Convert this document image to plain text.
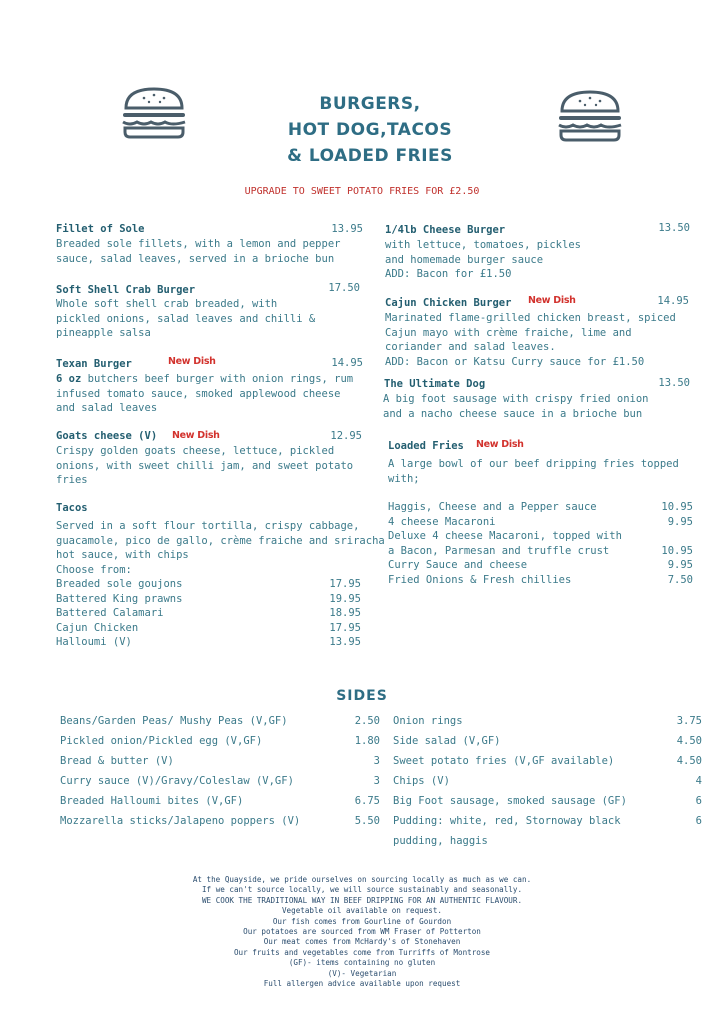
BURGERS,
HOT DOG,TACOS
& LOADED FRIES
UPGRADE TO SWEET POTATO FRIES FOR £2.50
Fillet of Sole	13.95
Breaded sole fillets, with a lemon and pepper
sauce, salad leaves, served in a brioche bun
Soft Shell Crab Burger	17.50
Whole soft shell crab breaded, with
pickled onions, salad leaves and chilli &
pineapple salsa
Texan Burger	New Dish	14.95
6 oz butchers beef burger with onion rings, rum
infused tomato sauce, smoked applewood cheese
and salad leaves
Goats cheese (V) New Dish	12.95
Crispy golden goats cheese, lettuce, pickled
onions, with sweet chilli jam, and sweet potato
fries
Tacos
Served in a soft flour tortilla, crispy cabbage,
guacamole, pico de gallo, crème fraiche and sriracha
hot sauce, with chips
Choose from:
Breaded sole goujons	17.95
Battered King prawns	19.95
Battered Calamari	18.95
Cajun Chicken	17.95
Halloumi (V)	13.95
1/4lb Cheese Burger	13.50
with lettuce, tomatoes, pickles
and homemade burger sauce
ADD: Bacon for £1.50
Cajun Chicken Burger New Dish	14.95
Marinated flame-grilled chicken breast, spiced
Cajun mayo with crème fraiche, lime and
coriander and salad leaves.
ADD: Bacon or Katsu Curry sauce for £1.50
The Ultimate Dog	13.50
A big foot sausage with crispy fried onion
and a nacho cheese sauce in a brioche bun
Loaded Fries New Dish
A large bowl of our beef dripping fries topped
with;
Haggis, Cheese and a Pepper sauce	10.95
4 cheese Macaroni	9.95
Deluxe 4 cheese Macaroni, topped with
a Bacon, Parmesan and truffle crust	10.95
Curry Sauce and cheese	9.95
Fried Onions & Fresh chillies	7.50
SIDES
Beans/Garden Peas/ Mushy Peas (V,GF)	2.50
Pickled onion/Pickled egg (V,GF)	1.80
Bread & butter (V)	3
Curry sauce (V)/Gravy/Coleslaw (V,GF)	3
Breaded Halloumi bites (V,GF)	6.75
Mozzarella sticks/Jalapeno poppers (V)	5.50
Onion rings	3.75
Side salad (V,GF)	4.50
Sweet potato fries (V,GF available)	4.50
Chips (V)	4
Big Foot sausage, smoked sausage (GF)	6
Pudding: white, red, Stornoway black	6
pudding, haggis
At the Quayside, we pride ourselves on sourcing locally as much as we can.
If we can't source locally, we will source sustainably and seasonally.
WE COOK THE TRADITIONAL WAY IN BEEF DRIPPING FOR AN AUTHENTIC FLAVOUR.
Vegetable oil available on request.
Our fish comes from Gourline of Gourdon
Our potatoes are sourced from WM Fraser of Potterton
Our meat comes from McHardy's of Stonehaven
Our fruits and vegetables come from Turriffs of Montrose
(GF)- items containing no gluten
(V)- Vegetarian
Full allergen advice available upon request
